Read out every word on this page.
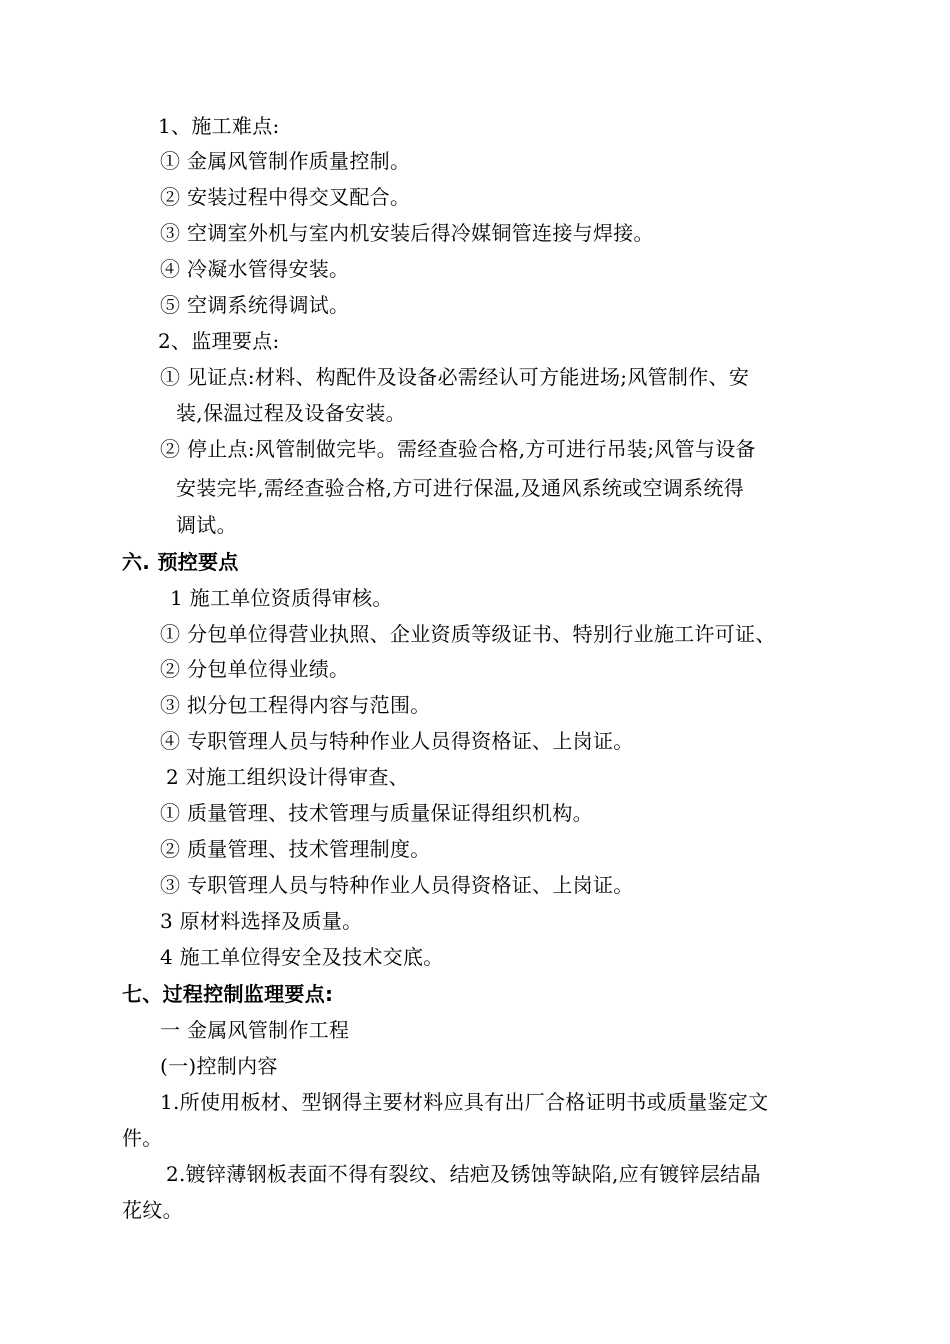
1、施工难点:
① 金属风管制作质量控制。
② 安装过程中得交叉配合。
③ 空调室外机与室内机安装后得冷媒铜管连接与焊接。
④ 冷凝水管得安装。
⑤ 空调系统得调试。
2、监理要点:
① 见证点:材料、构配件及设备必需经认可方能进场;风管制作、安
装,保温过程及设备安装。
② 停止点:风管制做完毕。需经查验合格,方可进行吊装;风管与设备
安装完毕,需经查验合格,方可进行保温,及通风系统或空调系统得
调试。
六. 预控要点
1 施工单位资质得审核。
① 分包单位得营业执照、企业资质等级证书、特别行业施工许可证、
② 分包单位得业绩。
③ 拟分包工程得内容与范围。
④ 专职管理人员与特种作业人员得资格证、上岗证。
2 对施工组织设计得审查、
① 质量管理、技术管理与质量保证得组织机构。
② 质量管理、技术管理制度。
③ 专职管理人员与特种作业人员得资格证、上岗证。
3 原材料选择及质量。
4 施工单位得安全及技术交底。
七、过程控制监理要点:
一 金属风管制作工程
(一)控制内容
1.所使用板材、型钢得主要材料应具有出厂合格证明书或质量鉴定文
件。
2.镀锌薄钢板表面不得有裂纹、结疤及锈蚀等缺陷,应有镀锌层结晶
花纹。
